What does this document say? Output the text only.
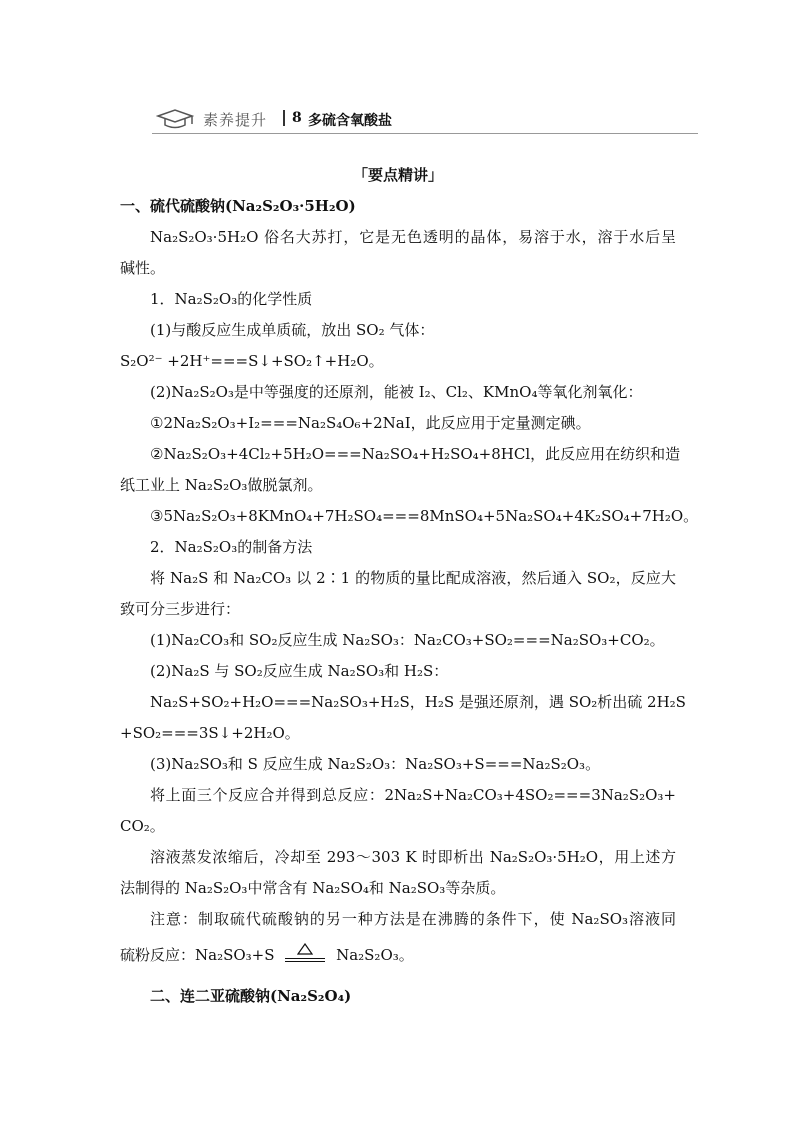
素养提升 8 多硫含氧酸盐
「要点精讲」
一、硫代硫酸钠(Na₂S₂O₃·5H₂O)
Na₂S₂O₃·5H₂O 俗名大苏打，它是无色透明的晶体，易溶于水，溶于水后呈
碱性。
1．Na₂S₂O₃的化学性质
(1)与酸反应生成单质硫，放出 SO₂ 气体：
S₂O²⁻ +2H⁺===S↓+SO₂↑+H₂O。
(2)Na₂S₂O₃是中等强度的还原剂，能被 I₂、Cl₂、KMnO₄等氧化剂氧化：
①2Na₂S₂O₃+I₂===Na₂S₄O₆+2NaI，此反应用于定量测定碘。
②Na₂S₂O₃+4Cl₂+5H₂O===Na₂SO₄+H₂SO₄+8HCl，此反应用在纺织和造
纸工业上 Na₂S₂O₃做脱氯剂。
③5Na₂S₂O₃+8KMnO₄+7H₂SO₄===8MnSO₄+5Na₂SO₄+4K₂SO₄+7H₂O。
2．Na₂S₂O₃的制备方法
将 Na₂S 和 Na₂CO₃ 以 2∶1 的物质的量比配成溶液，然后通入 SO₂，反应大
致可分三步进行：
(1)Na₂CO₃和 SO₂反应生成 Na₂SO₃：Na₂CO₃+SO₂===Na₂SO₃+CO₂。
(2)Na₂S 与 SO₂反应生成 Na₂SO₃和 H₂S：
Na₂S+SO₂+H₂O===Na₂SO₃+H₂S，H₂S 是强还原剂，遇 SO₂析出硫 2H₂S
+SO₂===3S↓+2H₂O。
(3)Na₂SO₃和 S 反应生成 Na₂S₂O₃：Na₂SO₃+S===Na₂S₂O₃。
将上面三个反应合并得到总反应：2Na₂S+Na₂CO₃+4SO₂===3Na₂S₂O₃+
CO₂。
溶液蒸发浓缩后，冷却至 293～303 K 时即析出 Na₂S₂O₃·5H₂O，用上述方
法制得的 Na₂S₂O₃中常含有 Na₂SO₄和 Na₂SO₃等杂质。
注意：制取硫代硫酸钠的另一种方法是在沸腾的条件下，使 Na₂SO₃溶液同
硫粉反应：Na₂SO₃+S	Na₂S₂O₃。
二、连二亚硫酸钠(Na₂S₂O₄)
